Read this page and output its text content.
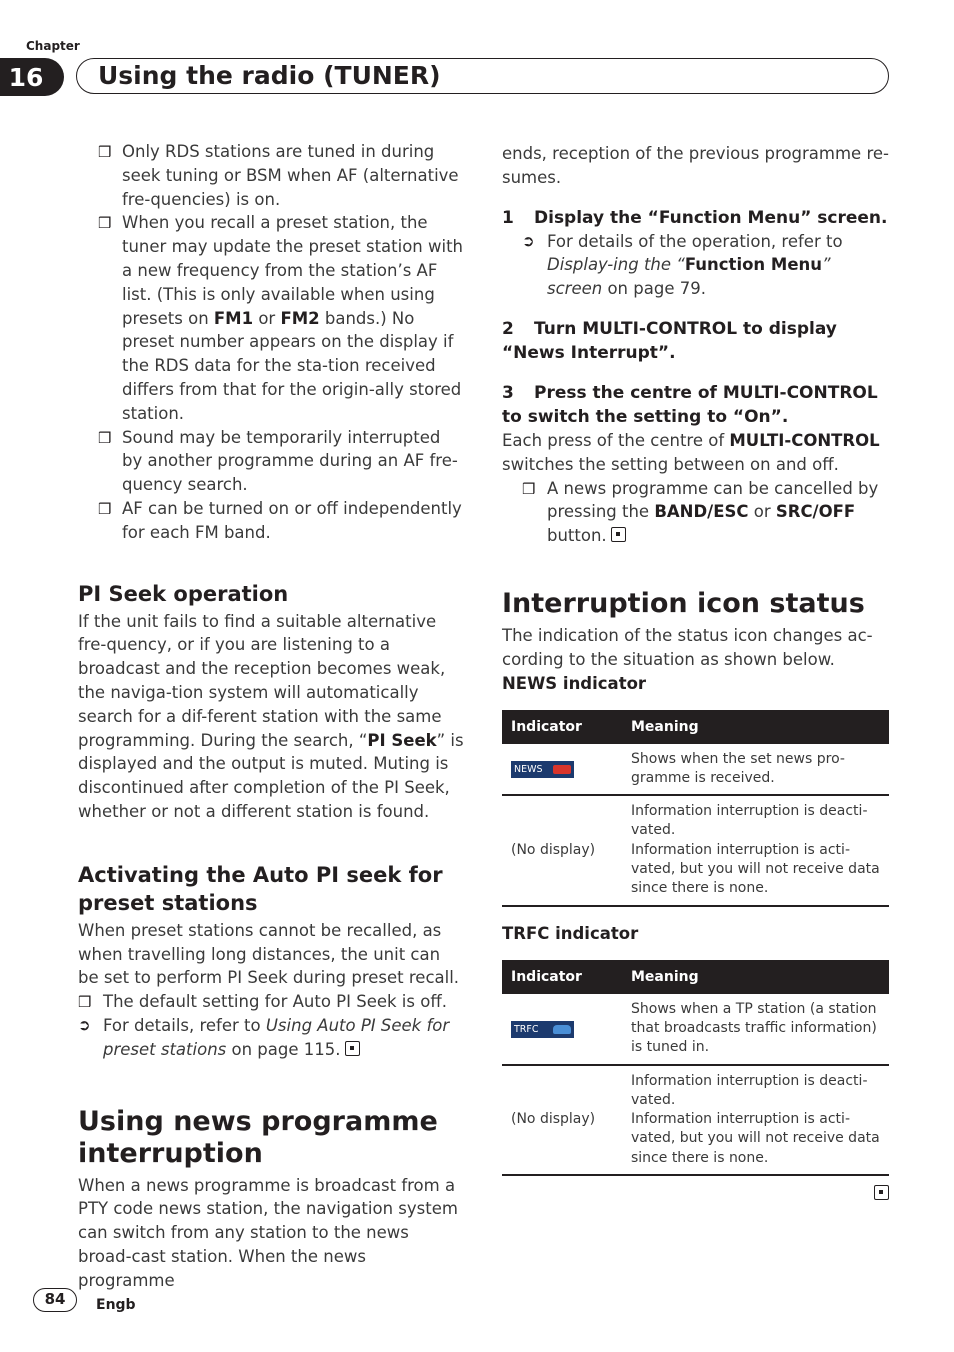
Chapter
16	Using the radio (TUNER)
❒ Only RDS stations are tuned in during seek tuning or BSM when AF (alternative fre-quencies) is on.
❒ When you recall a preset station, the tuner may update the preset station with a new frequency from the station’s AF list. (This is only available when using presets on FM1 or FM2 bands.) No preset number appears on the display if the RDS data for the sta-tion received differs from that for the origin-ally stored station.
❒ Sound may be temporarily interrupted by another programme during an AF fre-quency search.
❒ AF can be turned on or off independently for each FM band.
PI Seek operation

If the unit fails to find a suitable alternative fre-quency, or if you are listening to a broadcast and the reception becomes weak, the naviga-tion system will automatically search for a dif-ferent station with the same programming. During the search, “PI Seek” is displayed and the output is muted. Muting is discontinued after completion of the PI Seek, whether or not a different station is found.

Activating the Auto PI seek for preset stations

When preset stations cannot be recalled, as when travelling long distances, the unit can be set to perform PI Seek during preset recall.

❒ The default setting for Auto PI Seek is off.
➲ For details, refer to Using Auto PI Seek for preset stations on page 115.
Using news programme interruption

When a news programme is broadcast from a PTY code news station, the navigation system can switch from any station to the news broad-cast station. When the news programme

ends, reception of the previous programme re-sumes.

1 Display the “Function Menu” screen.
➲ For details of the operation, refer to Display-ing the “Function Menu” screen on page 79.
2 Turn MULTI-CONTROL to display “News Interrupt”.
3 Press the centre of MULTI-CONTROL to switch the setting to “On”.

Each press of the centre of MULTI-CONTROL switches the setting between on and off.

❒ A news programme can be cancelled by pressing the BAND/ESC or SRC/OFF button.
Interruption icon status

The indication of the status icon changes ac-cording to the situation as shown below.

NEWS indicator
Indicator	Meaning
NEWS	Shows when the set news pro-gramme is received.
(No display)	Information interruption is deacti-vated.
Information interruption is acti-vated, but you will not receive data since there is none.
TRFC indicator
Indicator	Meaning
TRFC	Shows when a TP station (a station that broadcasts traffic information) is tuned in.
(No display)	Information interruption is deacti-vated.
Information interruption is acti-vated, but you will not receive data since there is none.
84	Engb
